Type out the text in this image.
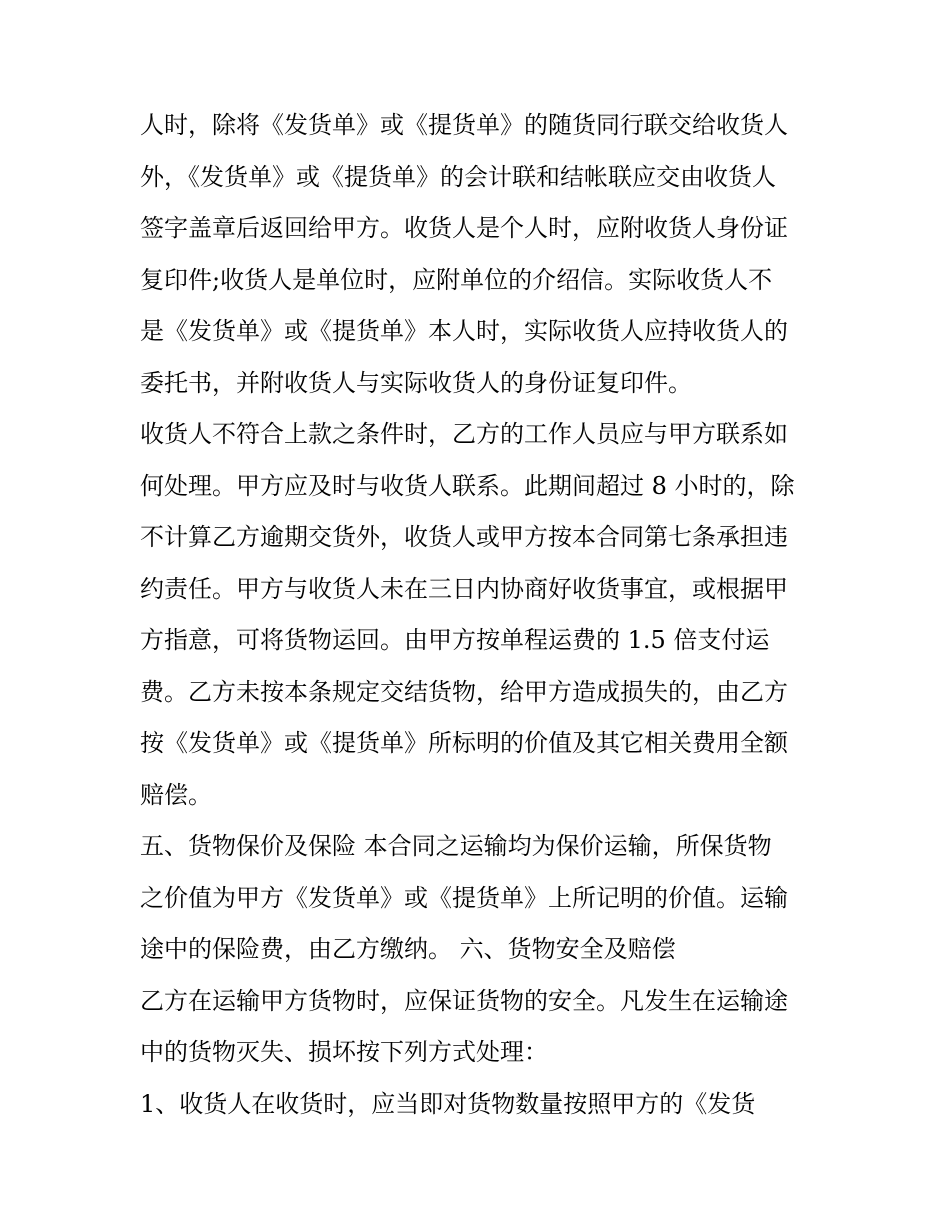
人时，除将《发货单》或《提货单》的随货同行联交给收货人
外，《发货单》或《提货单》的会计联和结帐联应交由收货人
签字盖章后返回给甲方。收货人是个人时，应附收货人身份证
复印件;收货人是单位时，应附单位的介绍信。实际收货人不
是《发货单》或《提货单》本人时，实际收货人应持收货人的
委托书，并附收货人与实际收货人的身份证复印件。
收货人不符合上款之条件时，乙方的工作人员应与甲方联系如
何处理。甲方应及时与收货人联系。此期间超过 8 小时的，除
不计算乙方逾期交货外，收货人或甲方按本合同第七条承担违
约责任。甲方与收货人未在三日内协商好收货事宜，或根据甲
方指意，可将货物运回。由甲方按单程运费的 1.5 倍支付运
费。乙方未按本条规定交结货物，给甲方造成损失的，由乙方
按《发货单》或《提货单》所标明的价值及其它相关费用全额
赔偿。
五、货物保价及保险 本合同之运输均为保价运输，所保货物
之价值为甲方《发货单》或《提货单》上所记明的价值。运输
途中的保险费，由乙方缴纳。 六、货物安全及赔偿
乙方在运输甲方货物时，应保证货物的安全。凡发生在运输途
中的货物灭失、损坏按下列方式处理：
1、收货人在收货时，应当即对货物数量按照甲方的《发货
